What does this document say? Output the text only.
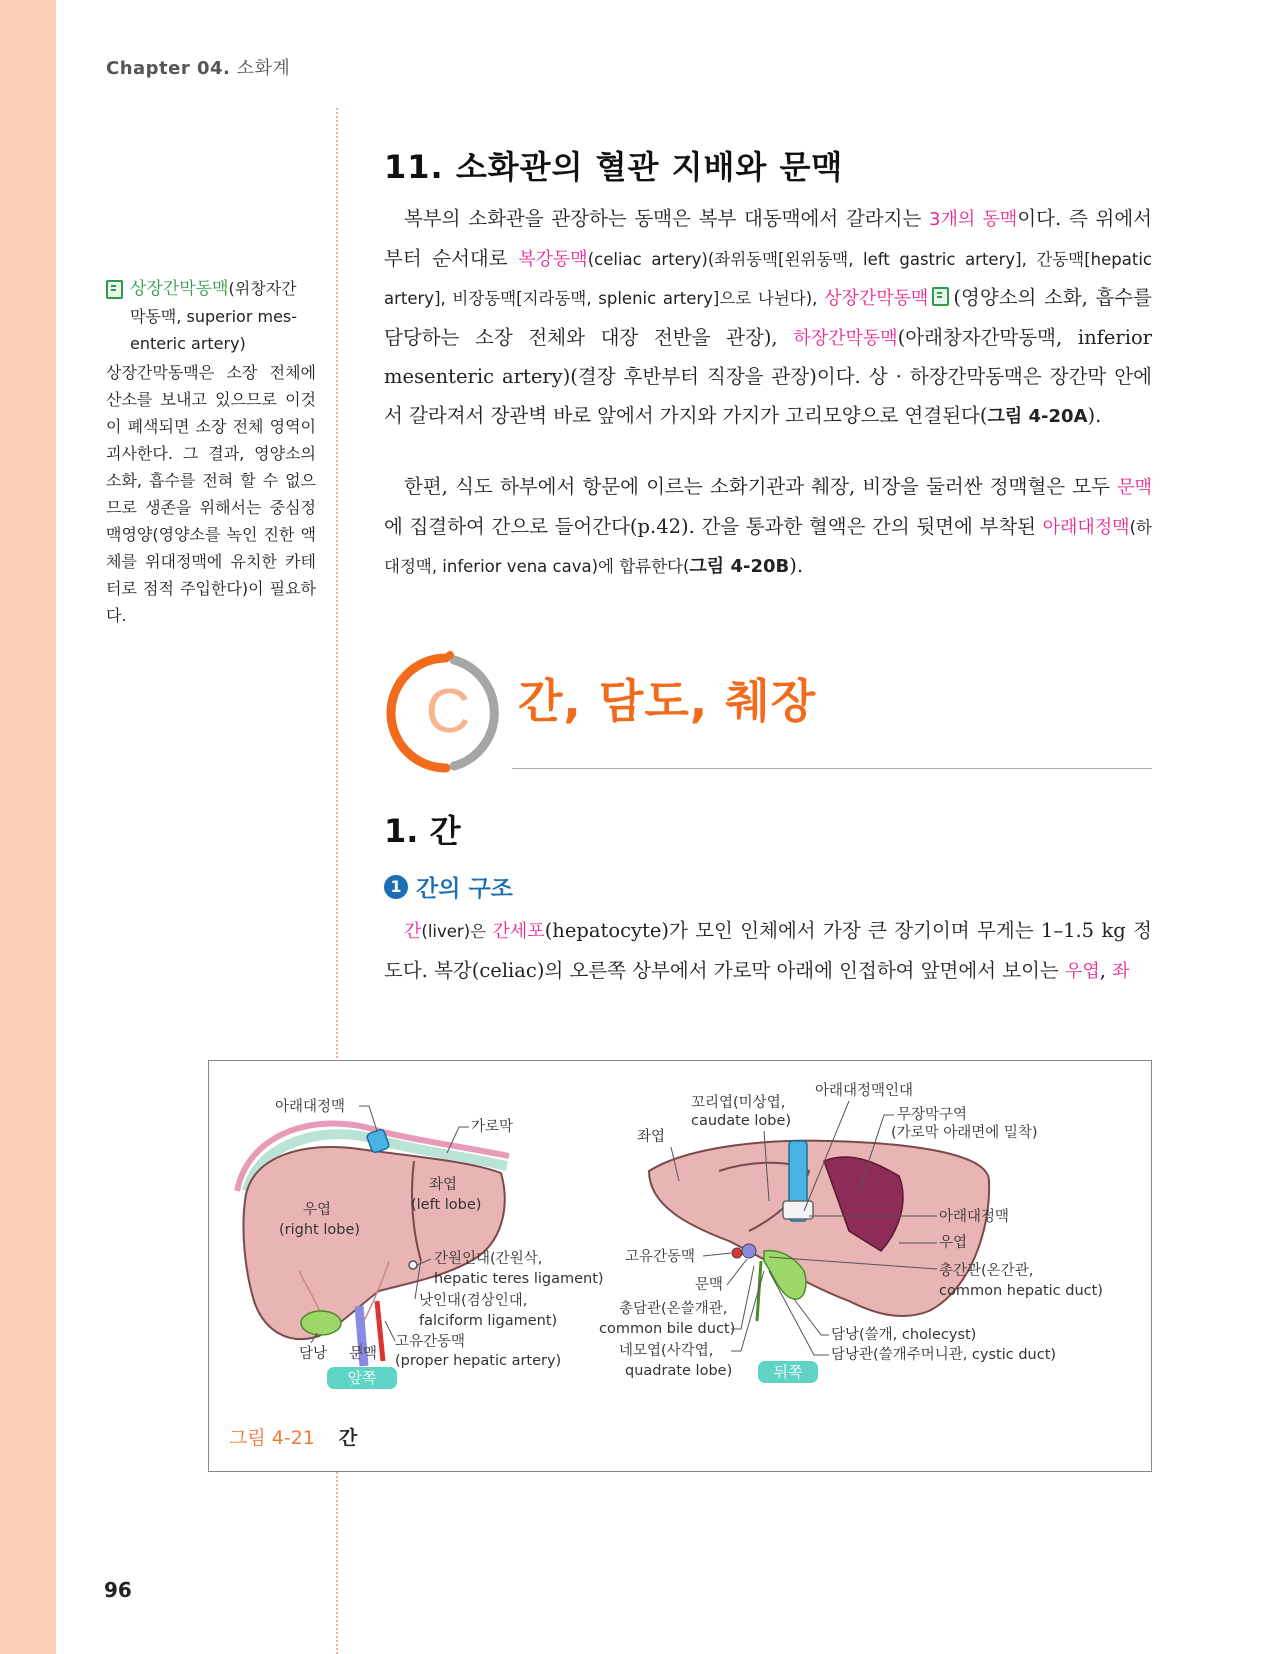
Chapter 04. 소화계
상장간막동맥(위창자간 막동맥, superior mes-enteric artery)
상장간막동맥은 소장 전체에 산소를 보내고 있으므로 이것이 폐색되면 소장 전체 영역이 괴사한다. 그 결과, 영양소의 소화, 흡수를 전혀 할 수 없으므로 생존을 위해서는 중심정맥영양(영양소를 녹인 진한 액체를 위대정맥에 유치한 카테터로 점적 주입한다)이 필요하다.
11. 소화관의 혈관 지배와 문맥
복부의 소화관을 관장하는 동맥은 복부 대동맥에서 갈라지는 3개의 동맥이다. 즉 위에서부터 순서대로 복강동맥(celiac artery)(좌위동맥[왼위동맥, left gastric artery], 간동맥[hepatic artery], 비장동맥[지라동맥, splenic artery]으로 나뉜다), 상장간막동맥 (영양소의 소화, 흡수를 담당하는 소장 전체와 대장 전반을 관장), 하장간막동맥(아래창자간막동맥, inferior mesenteric artery)(결장 후반부터 직장을 관장)이다. 상 · 하장간막동맥은 장간막 안에서 갈라져서 장관벽 바로 앞에서 가지와 가지가 고리모양으로 연결된다(그림 4-20A).
한편, 식도 하부에서 항문에 이르는 소화기관과 췌장, 비장을 둘러싼 정맥혈은 모두 문맥에 집결하여 간으로 들어간다(p.42). 간을 통과한 혈액은 간의 뒷면에 부착된 아래대정맥(하대정맥, inferior vena cava)에 합류한다(그림 4-20B).
C 간, 담도, 췌장
1. 간
1 간의 구조
간(liver)은 간세포(hepatocyte)가 모인 인체에서 가장 큰 장기이며 무게는 1–1.5 kg 정도다. 복강(celiac)의 오른쪽 상부에서 가로막 아래에 인접하여 앞면에서 보이는 우엽, 좌
아래대정맥
가로막
좌엽
(left lobe)
우엽
(right lobe)
간원인대(간원삭,
hepatic teres ligament)
낫인대(겸상인대,
falciform ligament)
고유간동맥
(proper hepatic artery)
담낭 문맥
앞쪽
좌엽
꼬리엽(미상엽,
caudate lobe)
아래대정맥인대
무장막구역
(가로막 아래면에 밀착)
아래대정맥
우엽
총간관(온간관,
common hepatic duct)
고유간동맥
문맥
총담관(온쓸개관,
common bile duct)
네모엽(사각엽,
quadrate lobe)
담낭(쓸개, cholecyst)
담낭관(쓸개주머니관, cystic duct)
뒤쪽
그림 4-21 간
96
